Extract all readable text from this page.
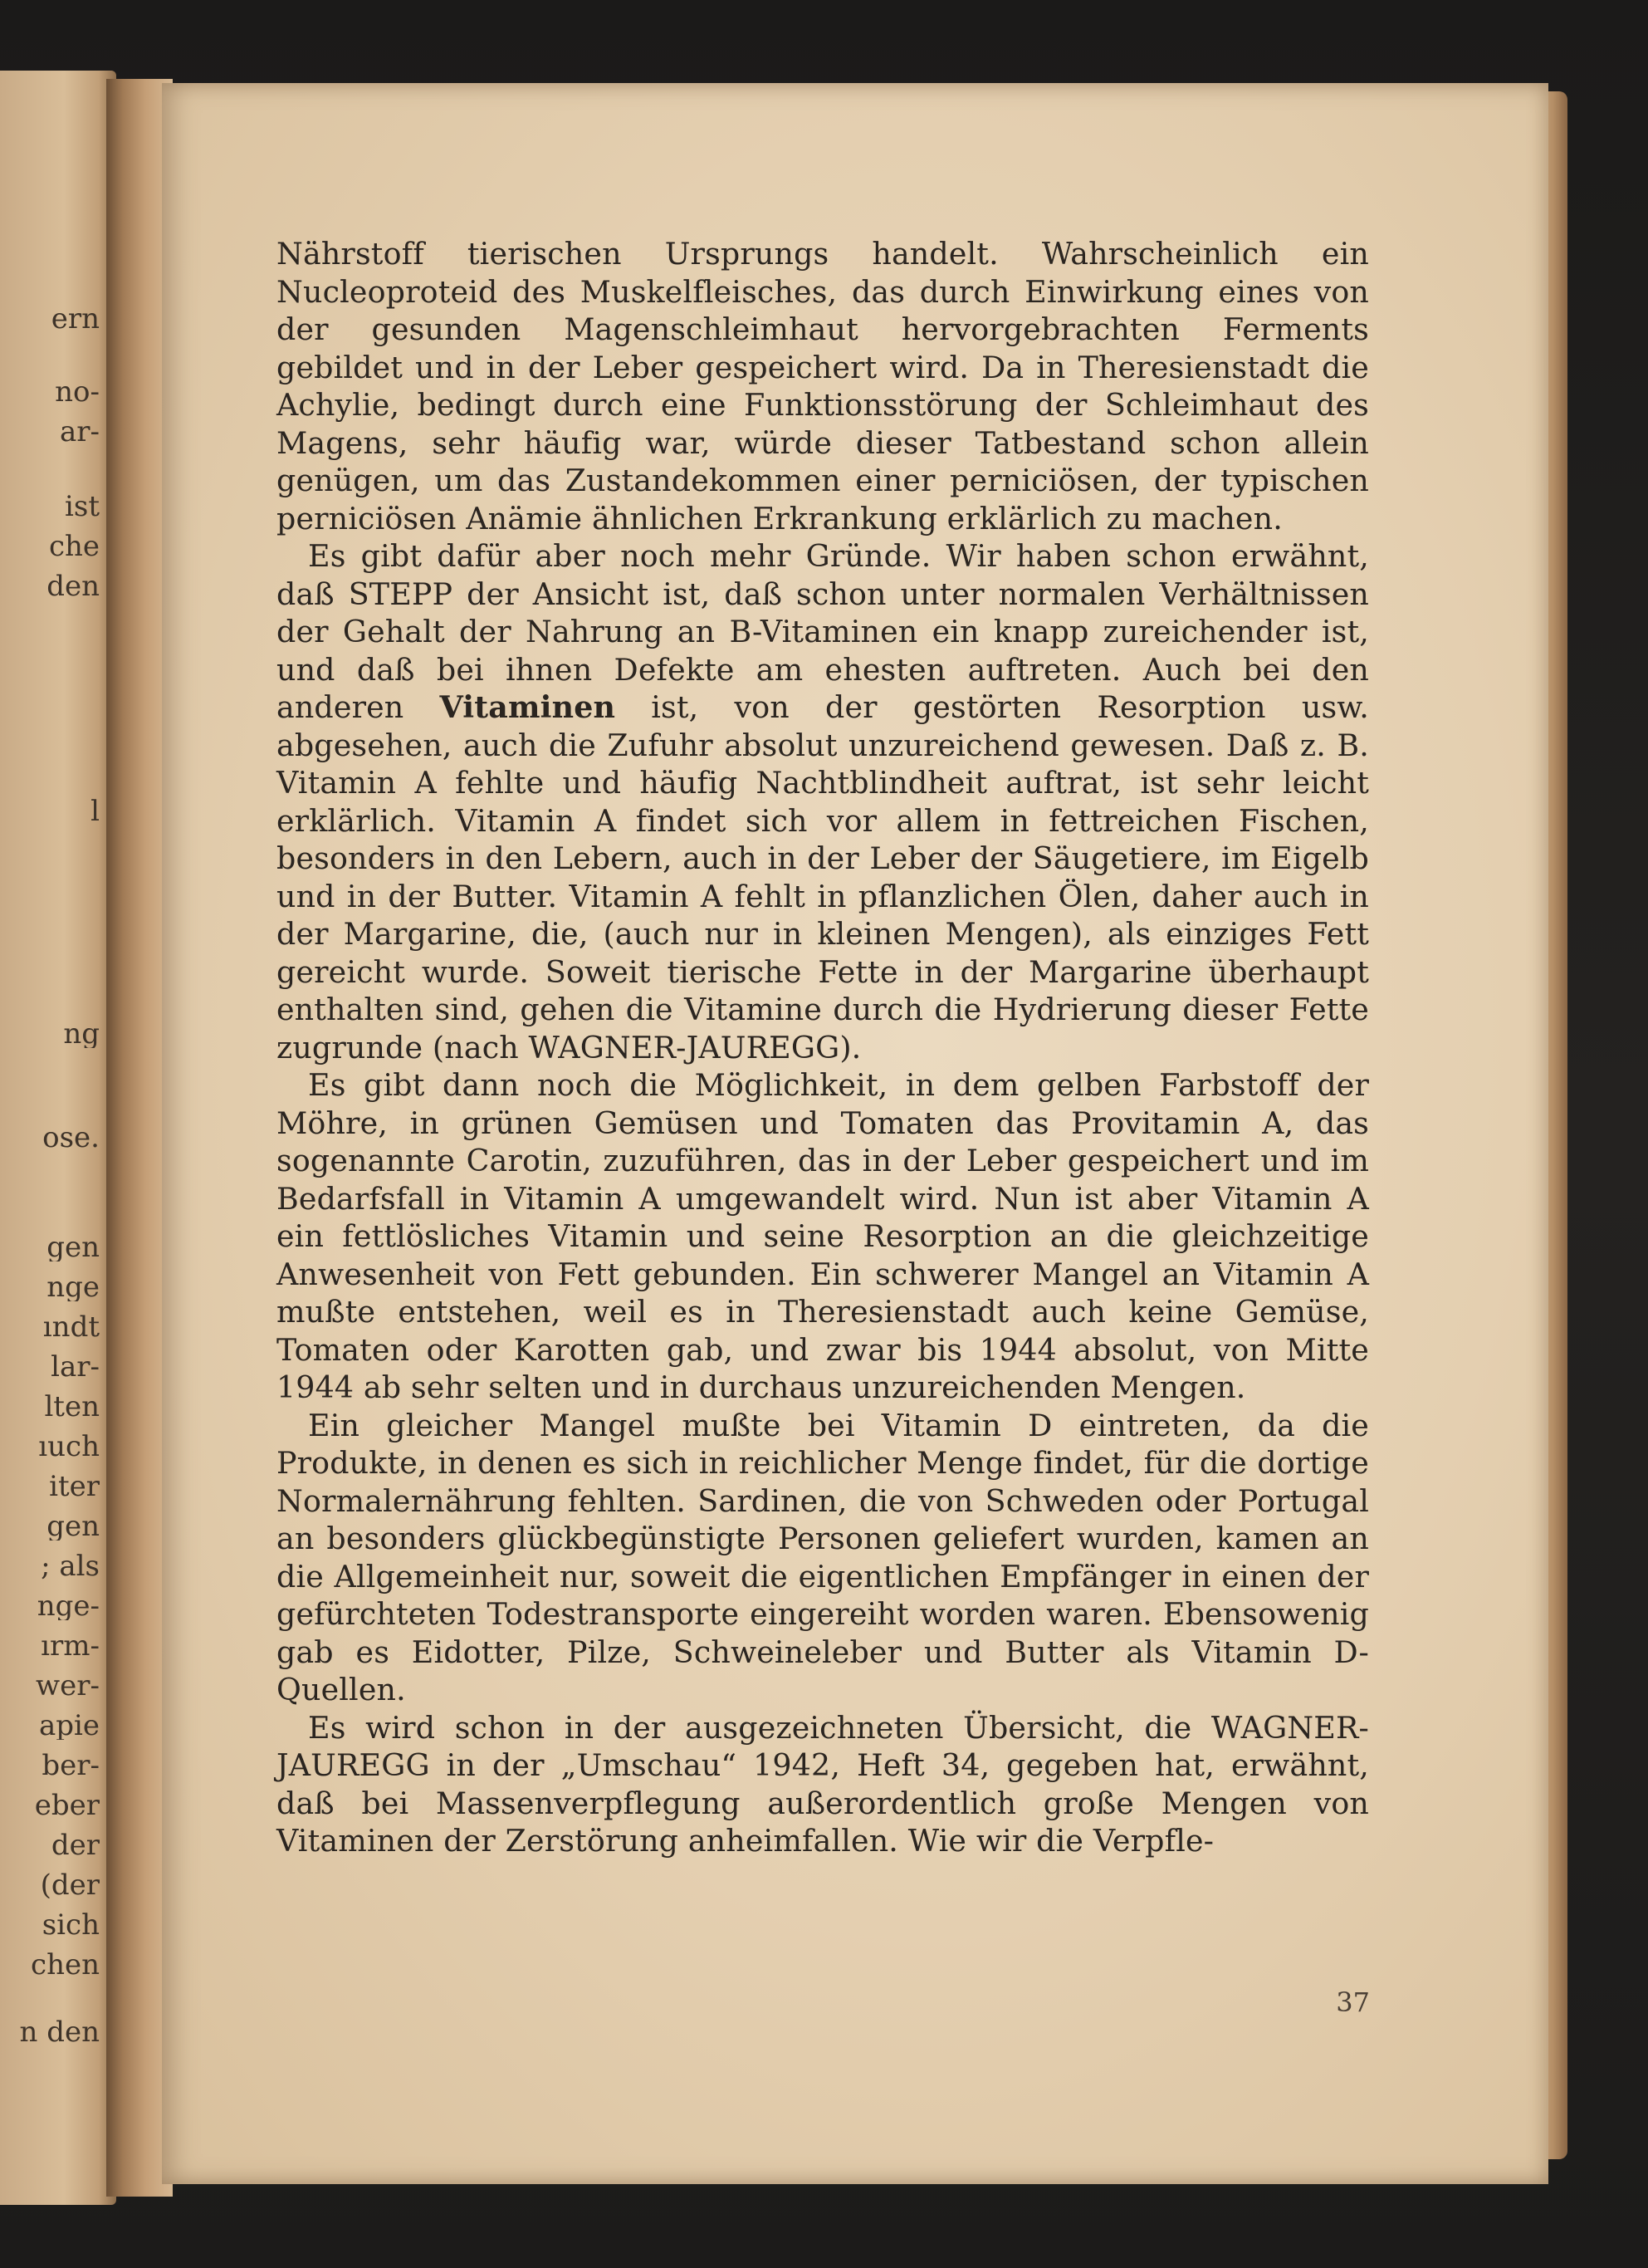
ern
no-
ar-
ist
che
den
l
ng
ose.
gen
nge
ındt
lar-
lten
ıuch
iter
gen
; als
nge-
ırm-
wer-
apie
ber-
eber
der
(der
sich
chen
n den

Nährstoff tierischen Ursprungs handelt. Wahrscheinlich ein Nucleoproteid des Muskelfleisches, das durch Einwirkung eines von der gesunden Magenschleimhaut hervorgebrachten Ferments gebildet und in der Leber gespeichert wird. Da in Theresienstadt die Achylie, bedingt durch eine Funktionsstörung der Schleimhaut des Magens, sehr häufig war, würde dieser Tatbestand schon allein genügen, um das Zustandekommen einer perniciösen, der typischen perniciösen Anämie ähnlichen Erkrankung erklärlich zu machen.

Es gibt dafür aber noch mehr Gründe. Wir haben schon erwähnt, daß STEPP der Ansicht ist, daß schon unter normalen Verhältnissen der Gehalt der Nahrung an B-Vitaminen ein knapp zureichender ist, und daß bei ihnen Defekte am ehesten auftreten. Auch bei den anderen Vitaminen ist, von der gestörten Resorption usw. abgesehen, auch die Zufuhr absolut unzureichend gewesen. Daß z. B. Vitamin A fehlte und häufig Nachtblindheit auftrat, ist sehr leicht erklärlich. Vitamin A findet sich vor allem in fettreichen Fischen, besonders in den Lebern, auch in der Leber der Säugetiere, im Eigelb und in der Butter. Vitamin A fehlt in pflanzlichen Ölen, daher auch in der Margarine, die, (auch nur in kleinen Mengen), als einziges Fett gereicht wurde. Soweit tierische Fette in der Margarine überhaupt enthalten sind, gehen die Vitamine durch die Hydrierung dieser Fette zugrunde (nach WAGNER-JAUREGG).

Es gibt dann noch die Möglichkeit, in dem gelben Farbstoff der Möhre, in grünen Gemüsen und Tomaten das Provitamin A, das sogenannte Carotin, zuzuführen, das in der Leber gespeichert und im Bedarfsfall in Vitamin A umgewandelt wird. Nun ist aber Vitamin A ein fettlösliches Vitamin und seine Resorption an die gleichzeitige Anwesenheit von Fett gebunden. Ein schwerer Mangel an Vitamin A mußte entstehen, weil es in Theresienstadt auch keine Gemüse, Tomaten oder Karotten gab, und zwar bis 1944 absolut, von Mitte 1944 ab sehr selten und in durchaus unzureichenden Mengen.

Ein gleicher Mangel mußte bei Vitamin D eintreten, da die Produkte, in denen es sich in reichlicher Menge findet, für die dortige Normalernährung fehlten. Sardinen, die von Schweden oder Portugal an besonders glückbegünstigte Personen geliefert wurden, kamen an die Allgemeinheit nur, soweit die eigentlichen Empfänger in einen der gefürchteten Todestransporte eingereiht worden waren. Ebensowenig gab es Eidotter, Pilze, Schweineleber und Butter als Vitamin D-Quellen.

Es wird schon in der ausgezeichneten Übersicht, die WAGNER-JAUREGG in der „Umschau“ 1942, Heft 34, gegeben hat, erwähnt, daß bei Massenverpflegung außerordentlich große Mengen von Vitaminen der Zerstörung anheimfallen. Wie wir die Verpfle-

37
